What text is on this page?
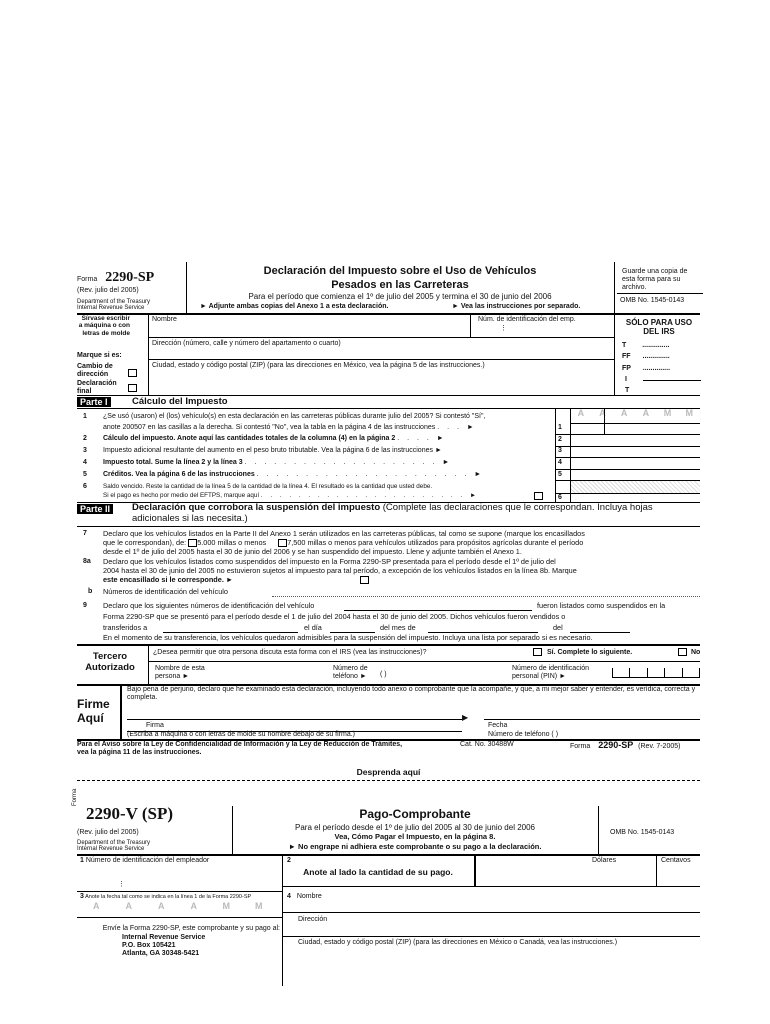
Forma 2290-SP
(Rev. julio del 2005)
Department of the Treasury
Internal Revenue Service
Declaración del Impuesto sobre el Uso de Vehículos
Pesados en las Carreteras
Para el período que comienza el 1º de julio del 2005 y termina el 30 de junio del 2006
► Adjunte ambas copias del Anexo 1 a esta declaración.	► Vea las instrucciones por separado.
Guarde una copia de esta forma para su archivo.
OMB No. 1545-0143
Sírvase escribir a máquina o con letras de molde
Marque si es:
Cambio de dirección
Declaración final
Nombre	Núm. de identificación del emp.
⋮
Dirección (número, calle y número del apartamento o cuarto)
Ciudad, estado y código postal (ZIP) (para las direcciones en México, vea la página 5 de las instrucciones.)
SÓLO PARA USO DEL IRS
T ..............
FF ..............
FP ..............
I
T
Parte I	Cálculo del Impuesto
1 ¿Se usó (usaron) el (los) vehículo(s) en esta declaración en las carreteras públicas durante julio del 2005? Si contestó "Sí",
anote 200507 en las casillas a la derecha. Si contestó "No", vea la tabla en la página 4 de las instrucciones . . . ►
2 Cálculo del impuesto. Anote aquí las cantidades totales de la columna (4) en la página 2 . . . . ►
3 Impuesto adicional resultante del aumento en el peso bruto tributable. Vea la página 6 de las instrucciones ►
4 Impuesto total. Sume la línea 2 y la línea 3 . . . . . . . . . . . . . . . . . . . . ►
5 Créditos. Vea la página 6 de las instrucciones . . . . . . . . . . . . . . . . . . . . . . ►
6	Saldo vencido. Reste la cantidad de la línea 5 de la cantidad de la línea 4. El resultado es la cantidad que usted debe.
Si el pago es hecho por medio del EFTPS, marque aquí . . . . . . . . . . . . . . . . . . . . . . ►
A	A	A	A	M	M
1
2
3
4
5
6
Parte II	Declaración que corrobora la suspensión del impuesto (Complete las declaraciones que le correspondan. Incluya hojas adicionales si las necesita.)
7 Declaro que los vehículos listados en la Parte II del Anexo 1 serán utilizados en las carreteras públicas, tal como se supone (marque los encasillados
que le correspondan), de: 5.000 millas o menos	7,500 millas o menos para vehículos utilizados para propósitos agrícolas durante el período
desde el 1º de julio del 2005 hasta el 30 de junio del 2006 y se han suspendido del impuesto. Llene y adjunte también el Anexo 1.
8a Declaro que los vehículos listados como suspendidos del impuesto en la Forma 2290-SP presentada para el período desde el 1º de julio del
2004 hasta el 30 de junio del 2005 no estuvieron sujetos al impuesto para tal período, a excepción de los vehículos listados en la línea 8b. Marque
este encasillado si le corresponde. ►
b Números de identificación del vehículo
9 Declaro que los siguientes números de identificación del vehículo	fueron listados como suspendidos en la
Forma 2290-SP que se presentó para el período desde el 1 de julio del 2004 hasta el 30 de junio del 2005. Dichos vehículos fueron vendidos o
transferidos a	el día	del mes de	del
En el momento de su transferencia, los vehículos quedaron admisibles para la suspensión del impuesto. Incluya una lista por separado si es necesario.
Tercero Autorizado
¿Desea permitir que otra persona discuta esta forma con el IRS (vea las instrucciones)?	Sí. Complete lo siguiente.	No
Nombre de esta persona ►
Número de teléfono ►	( )
Número de identificación personal (PIN) ►
Firme Aquí
Bajo pena de perjurio, declaro que he examinado esta declaración, incluyendo todo anexo o comprobante que la acompañe, y que, a mi mejor saber y entender, es verídica, correcta y completa.
▶
Firma
(Escriba a máquina o con letras de molde su nombre debajo de su firma.)
Fecha
Número de teléfono ( )
Para el Aviso sobre la Ley de Confidencialidad de Información y la Ley de Reducción de Trámites, vea la página 11 de las instrucciones.
Cat. No. 30488W	Forma 2290-SP (Rev. 7-2005)
Desprenda aquí
Forma
2290-V (SP)
(Rev. julio del 2005)
Department of the Treasury
Internal Revenue Service
Pago-Comprobante
Para el período desde el 1º de julio del 2005 al 30 de junio del 2006
Vea, Cómo Pagar el Impuesto, en la página 8.
► No engrape ni adhiera este comprobante o su pago a la declaración.
OMB No. 1545-0143
1 Número de identificación del empleador
⋮
2
Anote al lado la cantidad de su pago.
Dólares	Centavos
3 Anote la fecha tal como se indica en la línea 1 de la Forma 2290-SP
A	A	A	A	M	M
4 Nombre
Dirección
Ciudad, estado y código postal (ZIP) (para las direcciones en México o Canadá, vea las instrucciones.)
Envíe la Forma 2290-SP, este comprobante y su pago al:
Internal Revenue Service
P.O. Box 105421
Atlanta, GA 30348-5421
